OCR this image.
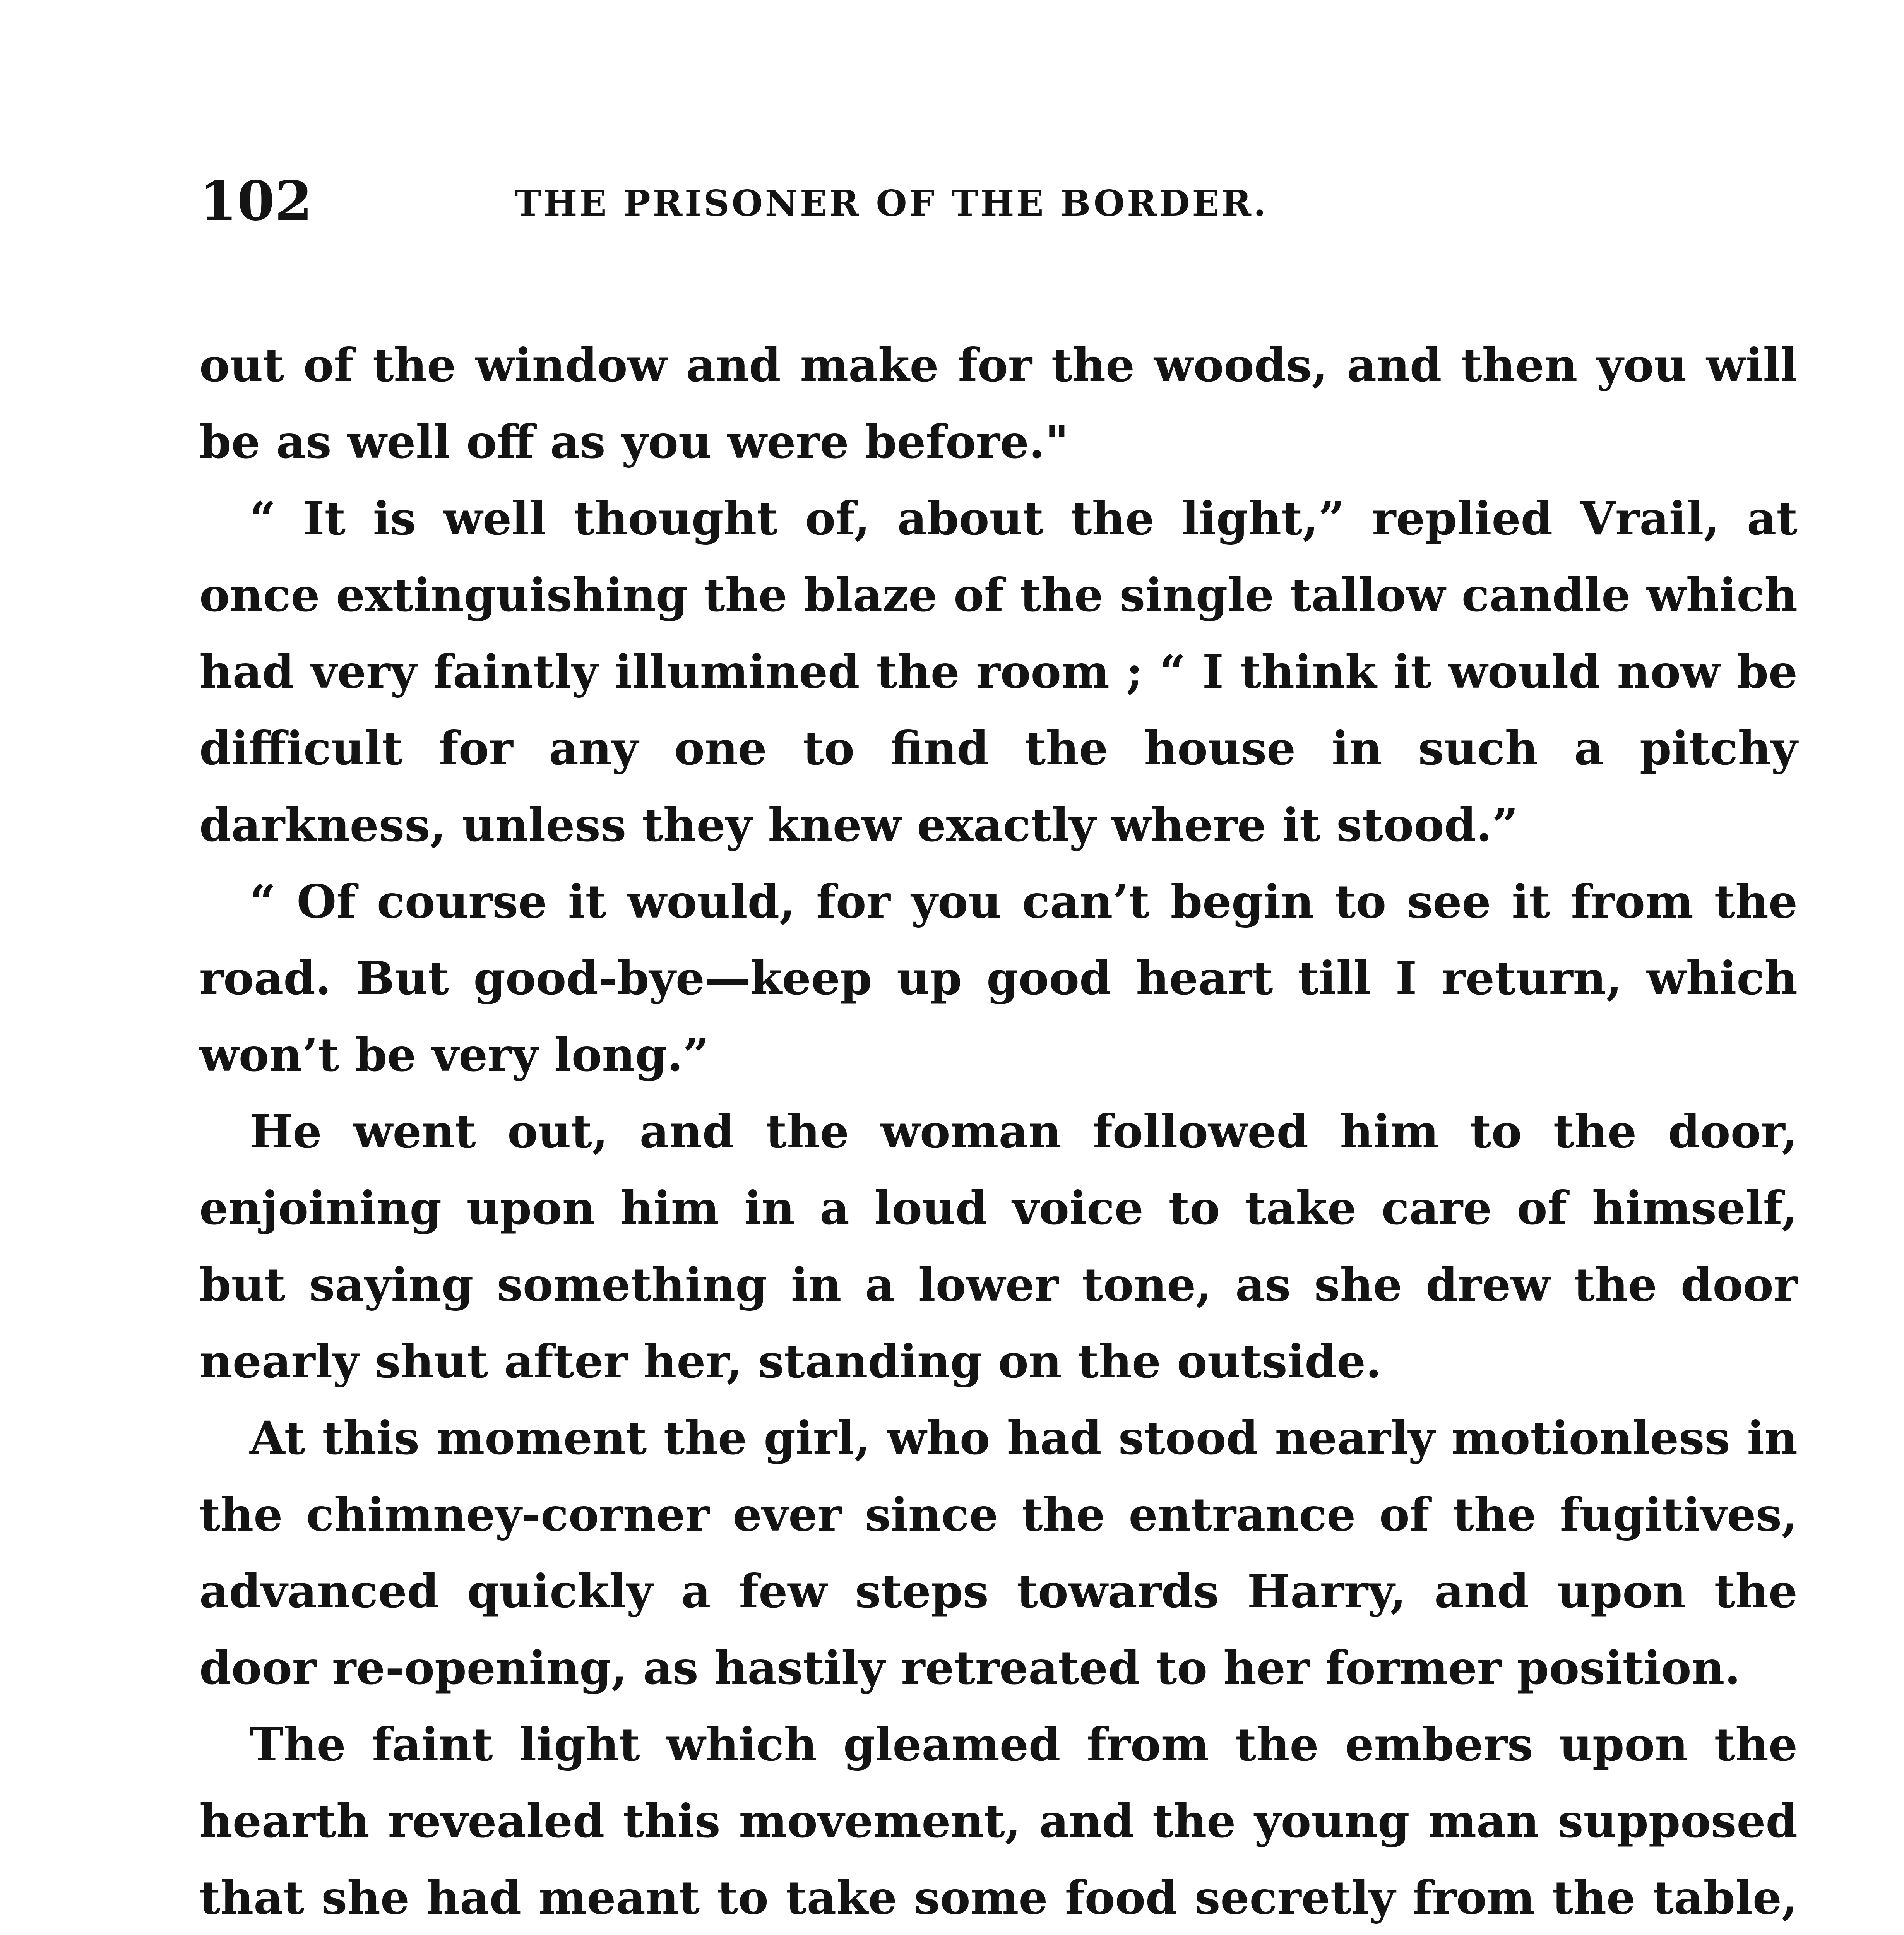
102	THE PRISONER OF THE BORDER.

out of the window and make for the woods, and then you will be as well off as you were before."

“ It is well thought of, about the light,” replied Vrail, at once extinguishing the blaze of the single tallow candle which had very faintly illumined the room ; “ I think it would now be difficult for any one to find the house in such a pitchy darkness, unless they knew exactly where it stood.”

“ Of course it would, for you can’t begin to see it from the road. But good-bye—keep up good heart till I return, which won’t be very long.”

He went out, and the woman followed him to the door, enjoining upon him in a loud voice to take care of himself, but saying something in a lower tone, as she drew the door nearly shut after her, standing on the outside.

At this moment the girl, who had stood nearly motionless in the chimney-corner ever since the entrance of the fugitives, advanced quickly a few steps towards Harry, and upon the door re-opening, as hastily retreated to her former position.

The faint light which gleamed from the embers upon the hearth revealed this movement, and the young man supposed that she had meant to take some food secretly from the table,
